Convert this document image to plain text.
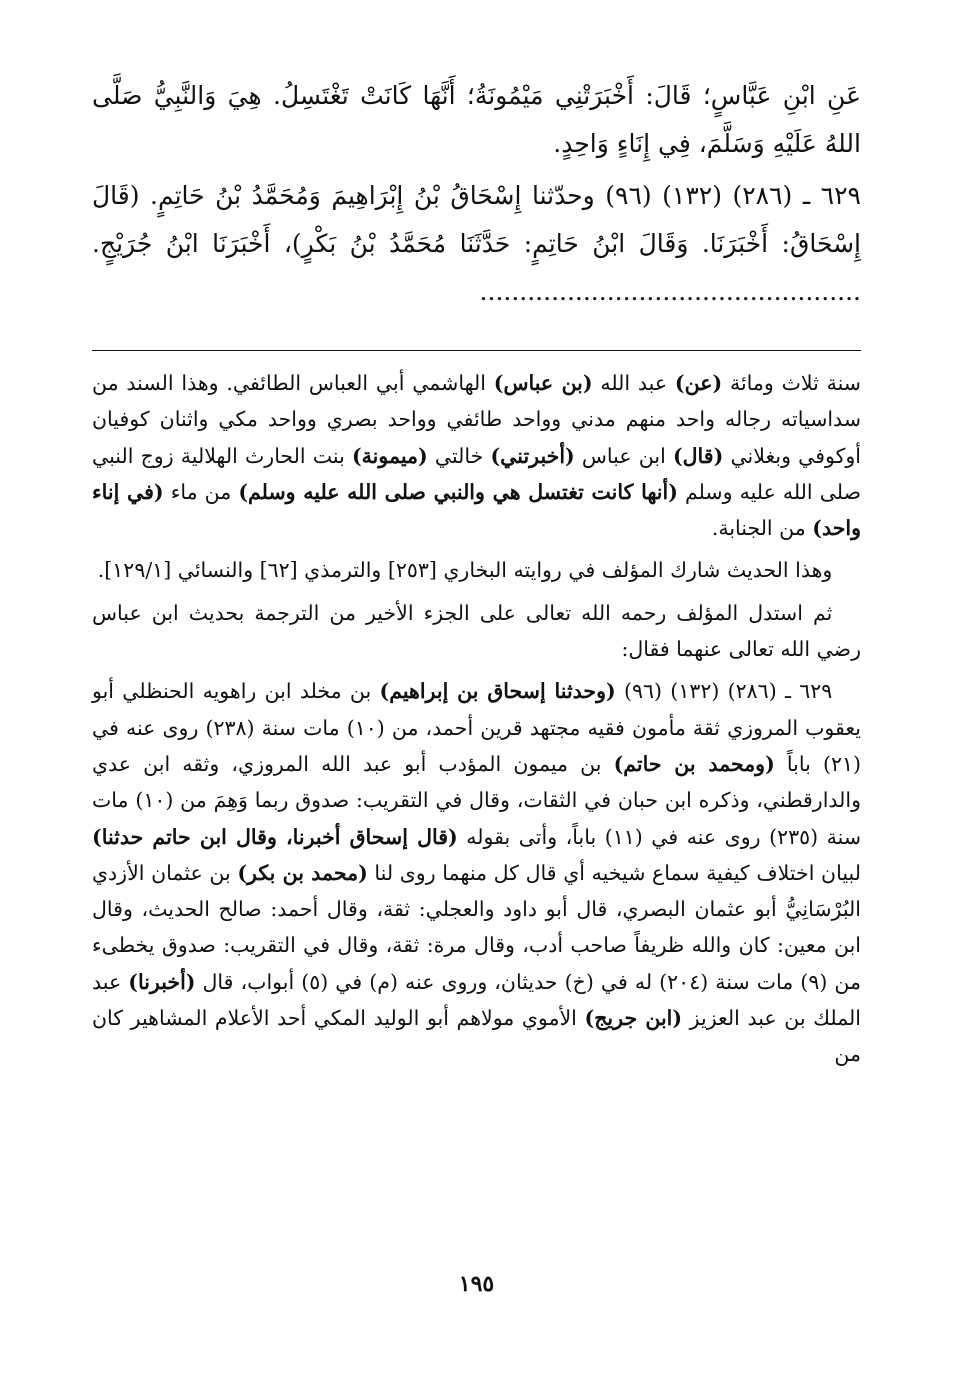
عَنِ ابْنِ عَبَّاسٍ؛ قَالَ: أَخْبَرَتْنِي مَيْمُونَةُ؛ أَنَّهَا كَانَتْ تَغْتَسِلُ. هِيَ وَالنَّبِيُّ صَلَّى اللهُ عَلَيْهِ وَسَلَّمَ، فِي إِنَاءٍ وَاحِدٍ.

٦٢٩ ـ (٢٨٦) (١٣٢) (٩٦) وحدّثنا إِسْحَاقُ بْنُ إِبْرَاهِيمَ وَمُحَمَّدُ بْنُ حَاتِمٍ. (قَالَ إِسْحَاقُ: أَخْبَرَنَا. وَقَالَ ابْنُ حَاتِمٍ: حَدَّثَنَا مُحَمَّدُ بْنُ بَكْرٍ)، أَخْبَرَنَا ابْنُ جُرَيْجٍ. ................................................

سنة ثلاث ومائة (عن) عبد الله (بن عباس) الهاشمي أبي العباس الطائفي. وهذا السند من سداسياته رجاله واحد منهم مدني وواحد طائفي وواحد بصري وواحد مكي واثنان كوفيان أوكوفي وبغلاني (قال) ابن عباس (أخبرتني) خالتي (ميمونة) بنت الحارث الهلالية زوج النبي صلى الله عليه وسلم (أنها كانت تغتسل هي والنبي صلى الله عليه وسلم) من ماء (في إناء واحد) من الجنابة.

وهذا الحديث شارك المؤلف في روايته البخاري [٢٥٣] والترمذي [٦٢] والنسائي [١٢٩/١].

ثم استدل المؤلف رحمه الله تعالى على الجزء الأخير من الترجمة بحديث ابن عباس رضي الله تعالى عنهما فقال:

٦٢٩ ـ (٢٨٦) (١٣٢) (٩٦) (وحدثنا إسحاق بن إبراهيم) بن مخلد ابن راهويه الحنظلي أبو يعقوب المروزي ثقة مأمون فقيه مجتهد قرين أحمد، من (١٠) مات سنة (٢٣٨) روى عنه في (٢١) باباً (ومحمد بن حاتم) بن ميمون المؤدب أبو عبد الله المروزي، وثقه ابن عدي والدارقطني، وذكره ابن حبان في الثقات، وقال في التقريب: صدوق ربما وَهِمَ من (١٠) مات سنة (٢٣٥) روى عنه في (١١) باباً، وأتى بقوله (قال إسحاق أخبرنا، وقال ابن حاتم حدثنا) لبيان اختلاف كيفية سماع شيخيه أي قال كل منهما روى لنا (محمد بن بكر) بن عثمان الأزدي البُرْسَانِيُّ أبو عثمان البصري، قال أبو داود والعجلي: ثقة، وقال أحمد: صالح الحديث، وقال ابن معين: كان والله ظريفاً صاحب أدب، وقال مرة: ثقة، وقال في التقريب: صدوق يخطىء من (٩) مات سنة (٢٠٤) له في (خ) حديثان، وروى عنه (م) في (٥) أبواب، قال (أخبرنا) عبد الملك بن عبد العزيز (ابن جريج) الأموي مولاهم أبو الوليد المكي أحد الأعلام المشاهير كان من

١٩٥
